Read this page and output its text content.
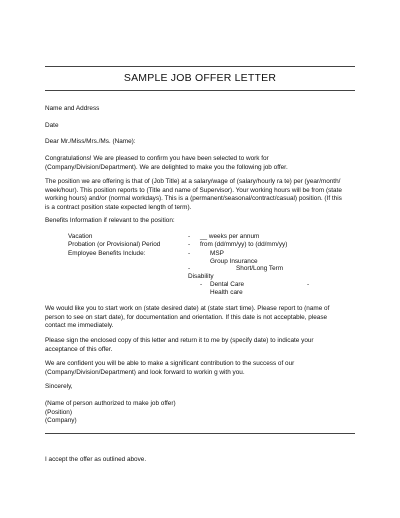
SAMPLE JOB OFFER LETTER
Name and Address
Date
Dear Mr./Miss/Mrs./Ms. (Name):
Congratulations! We are pleased to confirm you have been selected to work for
(Company/Division/Department). We are delighted to make you the following job offer.
The position we are offering is that of (Job Title) at a salary/wage of (salary/hourly ra te) per (year/month/
week/hour). This position reports to (Title and name of Supervisor). Your working hours will be from (state
working hours) and/or (normal workdays). This is a (permanent/seasonal/contract/casual) position. (If this
is a contract position state expected length of term).
Benefits Information if relevant to the position:
Vacation	- __ weeks per annum
Probation (or Provisional) Period	- from (dd/mm/yy) to (dd/mm/yy)
Employee Benefits Include:	-	MSP
Group Insurance
-	Short/Long Term
Disability
- Dental Care	-
Health care
We would like you to start work on (state desired date) at (state start time). Please report to (name of
person to see on start date), for documentation and orientation. If this date is not acceptable, please
contact me immediately.
Please sign the enclosed copy of this letter and return it to me by (specify date) to indicate your
acceptance of this offer.
We are confident you will be able to make a significant contribution to the success of our
(Company/Division/Department) and look forward to workin g with you.
Sincerely,
(Name of person authorized to make job offer)
(Position)
(Company)
I accept the offer as outlined above.
